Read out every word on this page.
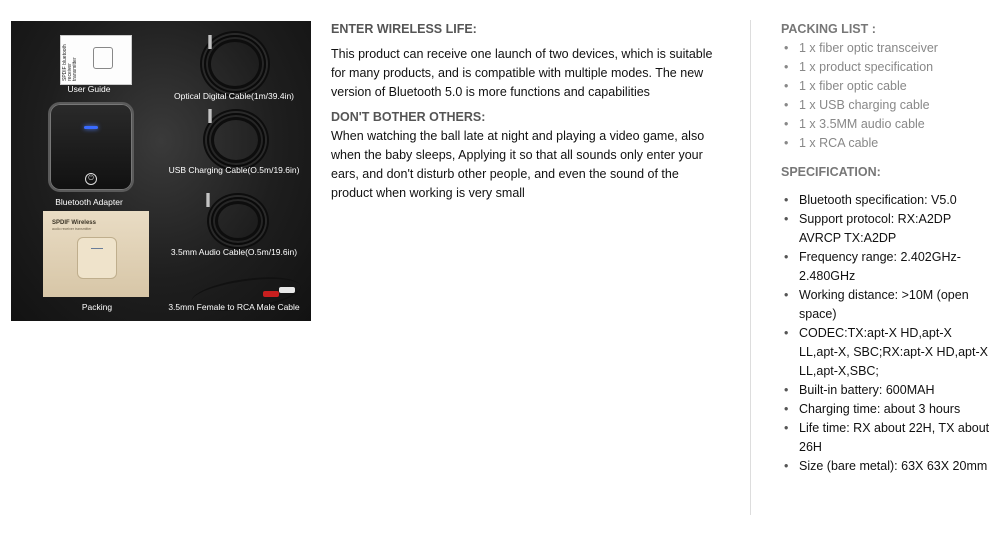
SPDIF bluetooth receiver transmitter
User Guide
Optical Digital Cable(1m/39.4in)
⏻
Bluetooth Adapter
USB Charging Cable(O.5m/19.6in)
3.5mm Audio Cable(O.5m/19.6in)
SPDIF Wireless
audio receiver transmitter
Packing	3.5mm Female to RCA Male Cable
ENTER WIRELESS LIFE:
This product can receive one launch of two devices, which is suitable for many products, and is compatible with multiple modes. The new version of Bluetooth 5.0 is more functions and capabilities
DON'T BOTHER OTHERS:
When watching the ball late at night and playing a video game, also when the baby sleeps, Applying it so that all sounds only enter your ears, and don't disturb other people, and even the sound of the product when working is very small
PACKING LIST :
• 1 x fiber optic transceiver
• 1 x product specification
• 1 x fiber optic cable
• 1 x USB charging cable
• 1 x 3.5MM audio cable
• 1 x RCA cable
SPECIFICATION:
• Bluetooth specification: V5.0
• Support protocol: RX:A2DP AVRCP TX:A2DP
• Frequency range: 2.402GHz-2.480GHz
• Working distance: >10M (open space)
• CODEC:TX:apt-X HD,apt-X LL,apt-X, SBC;RX:apt-X HD,apt-X LL,apt-X,SBC;
• Built-in battery: 600MAH
• Charging time: about 3 hours
• Life time: RX about 22H, TX about 26H
• Size (bare metal): 63X 63X 20mm
